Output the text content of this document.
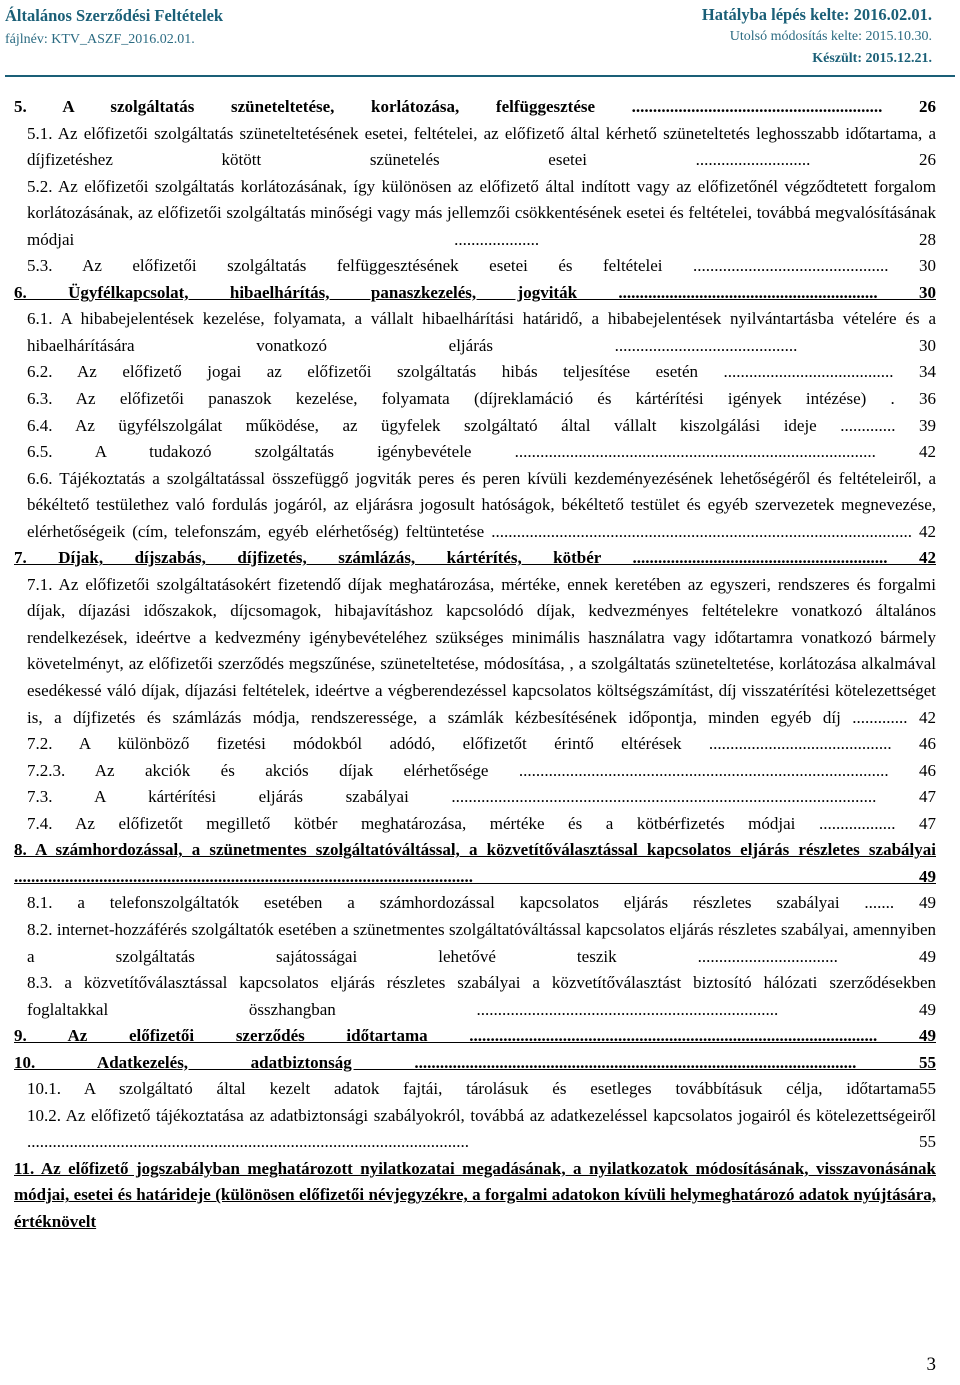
Általános Szerződési Feltételek
fájlnév: KTV_ASZF_2016.02.01.
Hatályba lépés kelte: 2016.02.01.
Utolsó módosítás kelte: 2015.10.30.
Készült: 2015.12.21.
5. A szolgáltatás szüneteltetése, korlátozása, felfüggesztése ........................................................... 26
5.1. Az előfizetői szolgáltatás szüneteltetésének esetei, feltételei, az előfizető által kérhető szüneteltetés leghosszabb időtartama, a díjfizetéshez kötött szünetelés esetei ........................... 26
5.2. Az előfizetői szolgáltatás korlátozásának, így különösen az előfizető által indított vagy az előfizetőnél végződtetett forgalom korlátozásának, az előfizetői szolgáltatás minőségi vagy más jellemzői csökkentésének esetei és feltételei, továbbá megvalósításának módjai .................... 28
5.3. Az előfizetői szolgáltatás felfüggesztésének esetei és feltételei .............................................. 30
6. Ügyfélkapcsolat, hibaelhárítás, panaszkezelés, jogviták ............................................................. 30
6.1. A hibabejelentések kezelése, folyamata, a vállalt hibaelhárítási határidő, a hibabejelentések nyilvántartásba vételére és a hibaelhárítására vonatkozó eljárás ........................................... 30
6.2. Az előfizető jogai az előfizetői szolgáltatás hibás teljesítése esetén ........................................ 34
6.3. Az előfizetői panaszok kezelése, folyamata (díjreklamáció és kártérítési igények intézése) . 36
6.4. Az ügyfélszolgálat működése, az ügyfelek szolgáltató által vállalt kiszolgálási ideje ............. 39
6.5. A tudakozó szolgáltatás igénybevétele ..................................................................................... 42
6.6. Tájékoztatás a szolgáltatással összefüggő jogviták peres és peren kívüli kezdeményezésének lehetőségéről és feltételeiről, a békéltető testülethez való fordulás jogáról, az eljárásra jogosult hatóságok, békéltető testület és egyéb szervezetek megnevezése, elérhetőségeik (cím, telefonszám, egyéb elérhetőség) feltüntetése ................................................................................................... 42
7. Díjak, díjszabás, díjfizetés, számlázás, kártérítés, kötbér ............................................................ 42
7.1. Az előfizetői szolgáltatásokért fizetendő díjak meghatározása, mértéke, ennek keretében az egyszeri, rendszeres és forgalmi díjak, díjazási időszakok, díjcsomagok, hibajavításhoz kapcsolódó díjak, kedvezményes feltételekre vonatkozó általános rendelkezések, ideértve a kedvezmény igénybevételéhez szükséges minimális használatra vagy időtartamra vonatkozó bármely követelményt, az előfizetői szerződés megszűnése, szüneteltetése, módosítása, , a szolgáltatás szüneteltetése, korlátozása alkalmával esedékessé váló díjak, díjazási feltételek, ideértve a végberendezéssel kapcsolatos költségszámítást, díj visszatérítési kötelezettséget is, a díjfizetés és számlázás módja, rendszeressége, a számlák kézbesítésének időpontja, minden egyéb díj ............. 42
7.2. A különböző fizetési módokból adódó, előfizetőt érintő eltérések ........................................... 46
7.2.3. Az akciók és akciós díjak elérhetősége ....................................................................................... 46
7.3. A kártérítési eljárás szabályai .................................................................................................... 47
7.4. Az előfizetőt megillető kötbér meghatározása, mértéke és a kötbérfizetés módjai .................. 47
8. A számhordozással, a szünetmentes szolgáltatóváltással, a közvetítőválasztással kapcsolatos eljárás részletes szabályai ............................................................................................................ 49
8.1. a telefonszolgáltatók esetében a számhordozással kapcsolatos eljárás részletes szabályai ....... 49
8.2. internet-hozzáférés szolgáltatók esetében a szünetmentes szolgáltatóváltással kapcsolatos eljárás részletes szabályai, amennyiben a szolgáltatás sajátosságai lehetővé teszik ................................. 49
8.3. a közvetítőválasztással kapcsolatos eljárás részletes szabályai a közvetítőválasztást biztosító hálózati szerződésekben foglaltakkal összhangban ....................................................................... 49
9. Az előfizetői szerződés időtartama ................................................................................................ 49
10. Adatkezelés, adatbiztonság ........................................................................................................ 55
10.1. A szolgáltató által kezelt adatok fajtái, tárolásuk és esetleges továbbításuk célja, időtartama55
10.2. Az előfizető tájékoztatása az adatbiztonsági szabályokról, továbbá az adatkezeléssel kapcsolatos jogairól és kötelezettségeiről ........................................................................................................ 55
11. Az előfizető jogszabályban meghatározott nyilatkozatai megadásának, a nyilatkozatok módosításának, visszavonásának módjai, esetei és határideje (különösen előfizetői névjegyzékre, a forgalmi adatokon kívüli helymeghatározó adatok nyújtására, értéknövelt
3
